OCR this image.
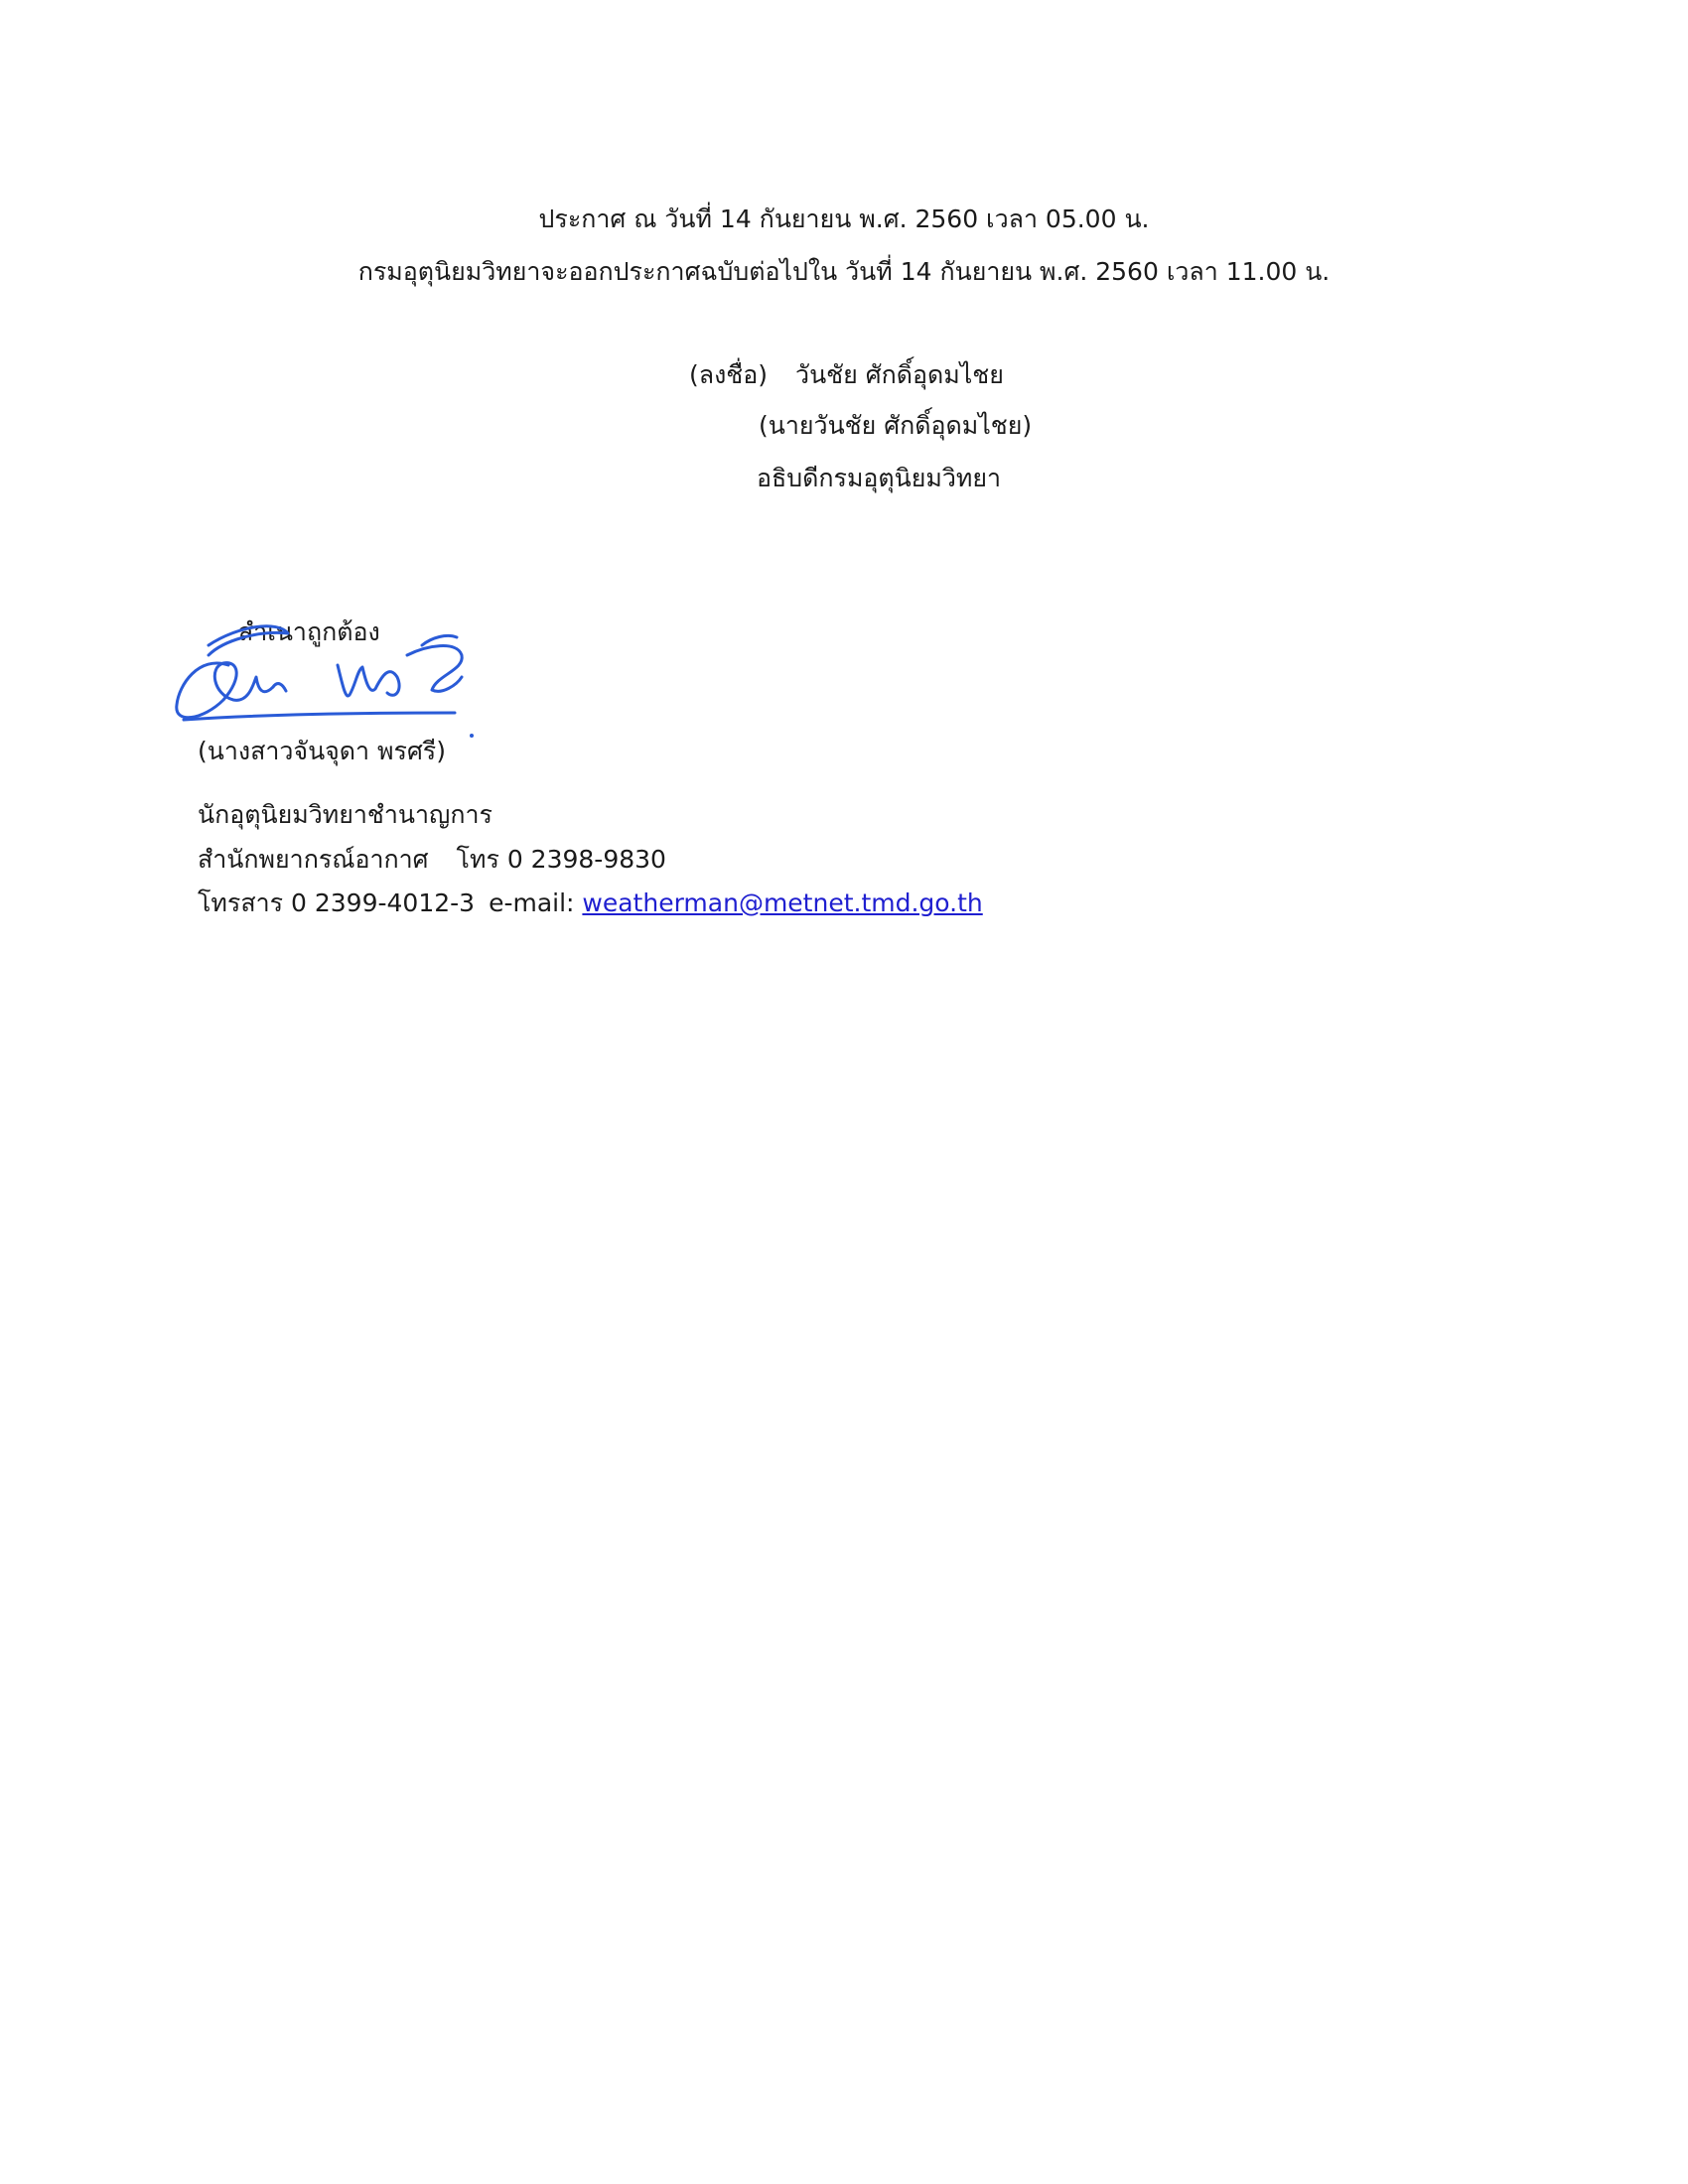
ประกาศ ณ วันที่ 14 กันยายน พ.ศ. 2560 เวลา 05.00 น.
กรมอุตุนิยมวิทยาจะออกประกาศฉบับต่อไปใน วันที่ 14 กันยายน พ.ศ. 2560 เวลา 11.00 น.
(ลงชื่อ) วันชัย ศักดิ์อุดมไชย
(นายวันชัย ศักดิ์อุดมไชย)
อธิบดีกรมอุตุนิยมวิทยา
สำเนาถูกต้อง
(นางสาวจันจุดา พรศรี)
นักอุตุนิยมวิทยาชำนาญการ
สำนักพยากรณ์อากาศ โทร 0 2398-9830
โทรสาร 0 2399-4012-3 e-mail: weatherman@metnet.tmd.go.th
